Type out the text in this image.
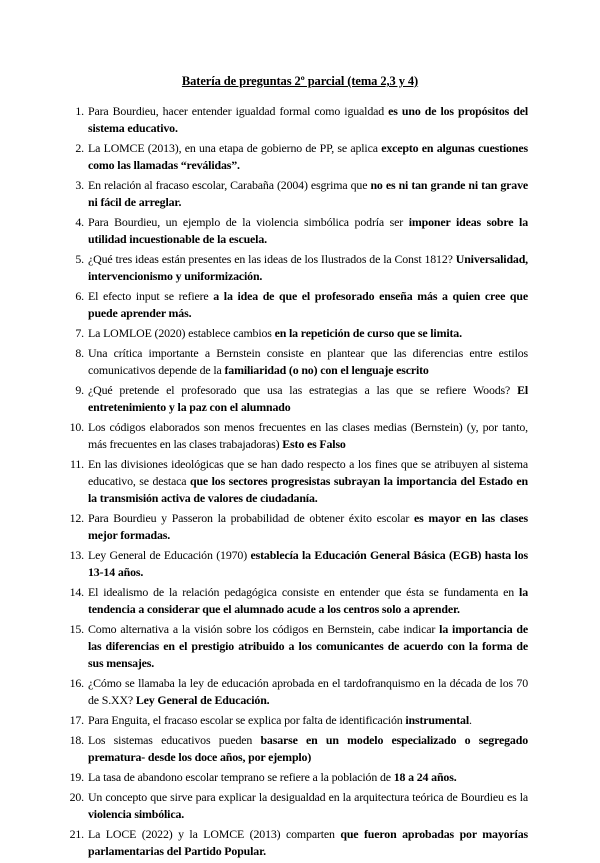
Batería de preguntas 2º parcial (tema 2,3 y 4)
1. Para Bourdieu, hacer entender igualdad formal como igualdad es uno de los propósitos del sistema educativo.
2. La LOMCE (2013), en una etapa de gobierno de PP, se aplica excepto en algunas cuestiones como las llamadas “reválidas”.
3. En relación al fracaso escolar, Carabaña (2004) esgrima que no es ni tan grande ni tan grave ni fácil de arreglar.
4. Para Bourdieu, un ejemplo de la violencia simbólica podría ser imponer ideas sobre la utilidad incuestionable de la escuela.
5. ¿Qué tres ideas están presentes en las ideas de los Ilustrados de la Const 1812? Universalidad, intervencionismo y uniformización.
6. El efecto input se refiere a la idea de que el profesorado enseña más a quien cree que puede aprender más.
7. La LOMLOE (2020) establece cambios en la repetición de curso que se limita.
8. Una crítica importante a Bernstein consiste en plantear que las diferencias entre estilos comunicativos depende de la familiaridad (o no) con el lenguaje escrito
9. ¿Qué pretende el profesorado que usa las estrategias a las que se refiere Woods? El entretenimiento y la paz con el alumnado
10. Los códigos elaborados son menos frecuentes en las clases medias (Bernstein) (y, por tanto, más frecuentes en las clases trabajadoras) Esto es Falso
11. En las divisiones ideológicas que se han dado respecto a los fines que se atribuyen al sistema educativo, se destaca que los sectores progresistas subrayan la importancia del Estado en la transmisión activa de valores de ciudadanía.
12. Para Bourdieu y Passeron la probabilidad de obtener éxito escolar es mayor en las clases mejor formadas.
13. Ley General de Educación (1970) establecía la Educación General Básica (EGB) hasta los 13-14 años.
14. El idealismo de la relación pedagógica consiste en entender que ésta se fundamenta en la tendencia a considerar que el alumnado acude a los centros solo a aprender.
15. Como alternativa a la visión sobre los códigos en Bernstein, cabe indicar la importancia de las diferencias en el prestigio atribuido a los comunicantes de acuerdo con la forma de sus mensajes.
16. ¿Cómo se llamaba la ley de educación aprobada en el tardofranquismo en la década de los 70 de S.XX? Ley General de Educación.
17. Para Enguita, el fracaso escolar se explica por falta de identificación instrumental.
18. Los sistemas educativos pueden basarse en un modelo especializado o segregado prematura- desde los doce años, por ejemplo)
19. La tasa de abandono escolar temprano se refiere a la población de 18 a 24 años.
20. Un concepto que sirve para explicar la desigualdad en la arquitectura teórica de Bourdieu es la violencia simbólica.
21. La LOCE (2022) y la LOMCE (2013) comparten que fueron aprobadas por mayorías parlamentarias del Partido Popular.
